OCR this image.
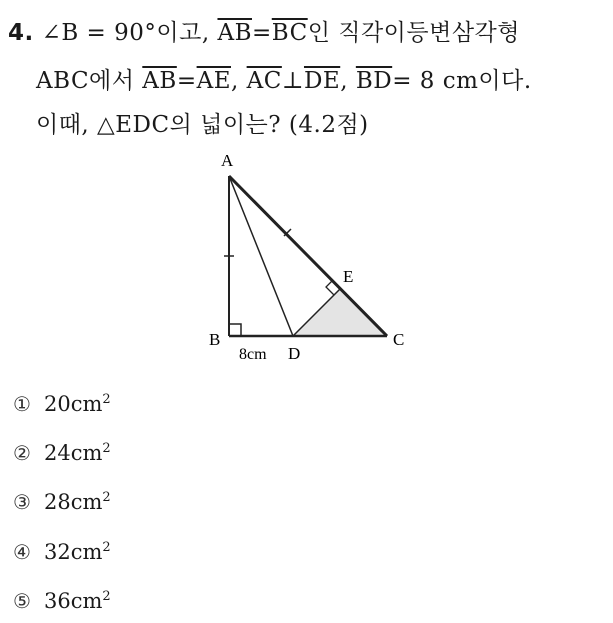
4. ∠B = 90°이고, $\overline{AB}=\overline{BC}$인 직각이등변삼각형
ABC에서 $\overline{AB}=\overline{AE}$, $\overline{AC}\perp\overline{DE}$, $\overline{BD}= 8$ cm이다.
이때, △EDC의 넓이는? (4.2점)
A
B	C
D
E
8cm
① $20cm^2$
② $24cm^2$
③ $28cm^2$
④ $32cm^2$
⑤ $36cm^2$
